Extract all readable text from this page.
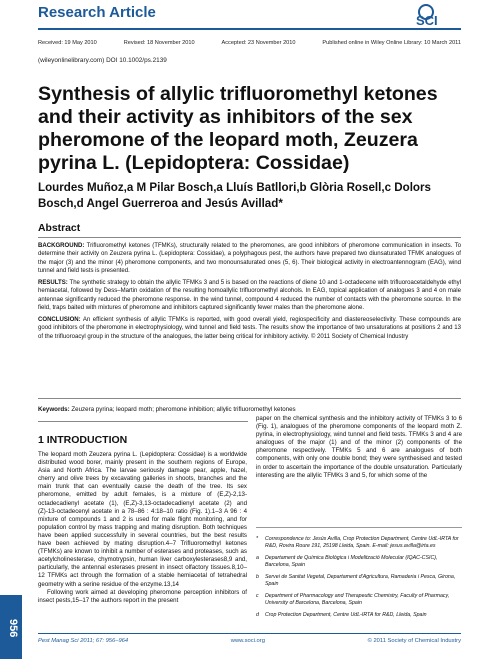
Research Article	SCI
Received: 19 May 2010	Revised: 18 November 2010	Accepted: 23 November 2010	Published online in Wiley Online Library: 10 March 2011
(wileyonlinelibrary.com) DOI 10.1002/ps.2139
Synthesis of allylic trifluoromethyl ketones and their activity as inhibitors of the sex pheromone of the leopard moth, Zeuzera pyrina L. (Lepidoptera: Cossidae)
Lourdes Muñoz,a M Pilar Bosch,a Lluís Batllori,b Glòria Rosell,c Dolors Bosch,d Angel Guerreroa and Jesús Avillad*
Abstract

BACKGROUND: Trifluoromethyl ketones (TFMKs), structurally related to the pheromones, are good inhibitors of pheromone communication in insects. To determine their activity on Zeuzera pyrina L. (Lepidoptera: Cossidae), a polyphagous pest, the authors have prepared two diunsaturated TFMK analogues of the major (3) and the minor (4) pheromone components, and two monounsaturated ones (5, 6). Their biological activity in electroantennogram (EAG), wind tunnel and field tests is presented.

RESULTS: The synthetic strategy to obtain the allylic TFMKs 3 and 5 is based on the reactions of diene 10 and 1-octadecene with trifluoroacetaldehyde ethyl hemiacetal, followed by Dess–Martin oxidation of the resulting homoallylic trifluoromethyl alcohols. In EAG, topical application of analogues 3 and 4 on male antennae significantly reduced the pheromone response. In the wind tunnel, compound 4 reduced the number of contacts with the pheromone source. In the field, traps baited with mixtures of pheromone and inhibitors captured significantly fewer males than the pheromone alone.

CONCLUSION: An efficient synthesis of allylic TFMKs is reported, with good overall yield, regiospecificity and diastereoselectivity. These compounds are good inhibitors of the pheromone in electrophysiology, wind tunnel and field tests. The results show the importance of two unsaturations at positions 2 and 13 of the trifluoroacyl group in the structure of the analogues, the latter being critical for inhibitory activity. © 2011 Society of Chemical Industry

Keywords: Zeuzera pyrina; leopard moth; pheromone inhibition; allylic trifluoromethyl ketones
1 INTRODUCTION

The leopard moth Zeuzera pyrina L. (Lepidoptera: Cossidae) is a worldwide distributed wood borer, mainly present in the southern regions of Europe, Asia and North Africa. The larvae seriously damage pear, apple, hazel, cherry and olive trees by excavating galleries in shoots, branches and the main trunk that can eventually cause the death of the tree. Its sex pheromone, emitted by adult females, is a mixture of (E,Z)-2,13-octadecadienyl acetate (1), (E,Z)-3,13-octadecadienyl acetate (2) and (Z)-13-octadecenyl acetate in a 78–86 : 4:18–10 ratio (Fig. 1).1–3 A 96 : 4 mixture of compounds 1 and 2 is used for male flight monitoring, and for population control by mass trapping and mating disruption. Both techniques have been applied successfully in several countries, but the best results have been achieved by mating disruption.4–7 Trifluoromethyl ketones (TFMKs) are known to inhibit a number of esterases and proteases, such as acetylcholinesterase, chymotrypsin, human liver carboxylesterases8,9 and, particularly, the antennal esterases present in insect olfactory tissues.8,10–12 TFMKs act through the formation of a stable hemiacetal of tetrahedral geometry with a serine residue of the enzyme.13,14

Following work aimed at developing pheromone perception inhibitors of insect pests,15–17 the authors report in the present

paper on the chemical synthesis and the inhibitory activity of TFMKs 3 to 6 (Fig. 1), analogues of the pheromone components of the leopard moth Z. pyrina, in electrophysiology, wind tunnel and field tests. TFMKs 3 and 4 are analogues of the major (1) and of the minor (2) components of the pheromone respectively. TFMKs 5 and 6 are analogues of both components, with only one double bond; they were synthesised and tested in order to ascertain the importance of the double unsaturation. Particularly interesting are the allylic TFMKs 3 and 5, for which some of the
*	Correspondence to: Jesús Avilla, Crop Protection Department, Centre UdL-IRTA for R&D, Rovira Roure 191, 25198 Lleida, Spain. E-mail: jesus.avilla@irta.es
a	Departament de Química Biològica i Modelització Molecular (IQAC-CSIC), Barcelona, Spain
b	Servei de Sanitat Vegetal, Departament d'Agricultura, Ramaderia i Pesca, Girona, Spain
c	Department of Pharmacology and Therapeutic Chemistry, Faculty of Pharmacy, University of Barcelona, Barcelona, Spain
d	Crop Protection Department, Centre UdL-IRTA for R&D, Lleida, Spain
956
Pest Manag Sci 2011; 67: 956–964	www.soci.org	© 2011 Society of Chemical Industry
